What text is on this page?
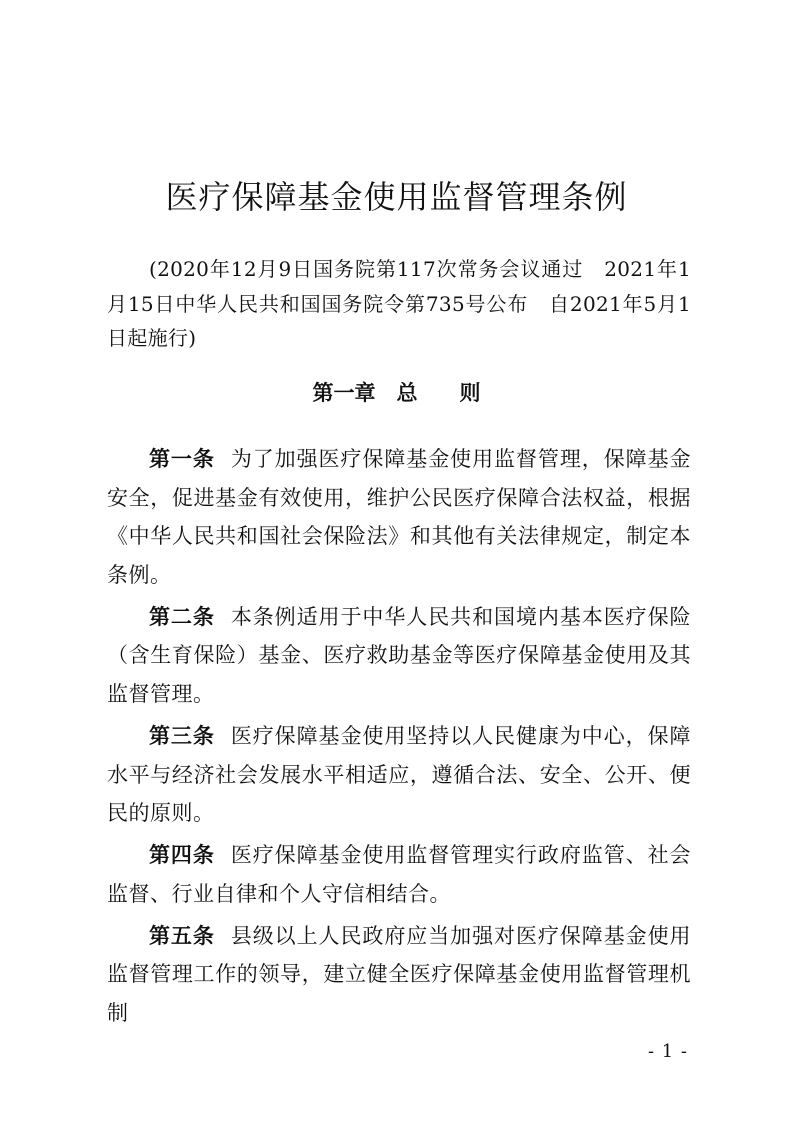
医疗保障基金使用监督管理条例

(2020年12月9日国务院第117次常务会议通过　2021年1月15日中华人民共和国国务院令第735号公布　自2021年5月1日起施行)

第一章　总　　则

第一条 为了加强医疗保障基金使用监督管理，保障基金安全，促进基金有效使用，维护公民医疗保障合法权益，根据《中华人民共和国社会保险法》和其他有关法律规定，制定本条例。

第二条 本条例适用于中华人民共和国境内基本医疗保险（含生育保险）基金、医疗救助基金等医疗保障基金使用及其监督管理。

第三条 医疗保障基金使用坚持以人民健康为中心，保障水平与经济社会发展水平相适应，遵循合法、安全、公开、便民的原则。

第四条 医疗保障基金使用监督管理实行政府监管、社会监督、行业自律和个人守信相结合。

第五条 县级以上人民政府应当加强对医疗保障基金使用监督管理工作的领导，建立健全医疗保障基金使用监督管理机制

- 1 -
